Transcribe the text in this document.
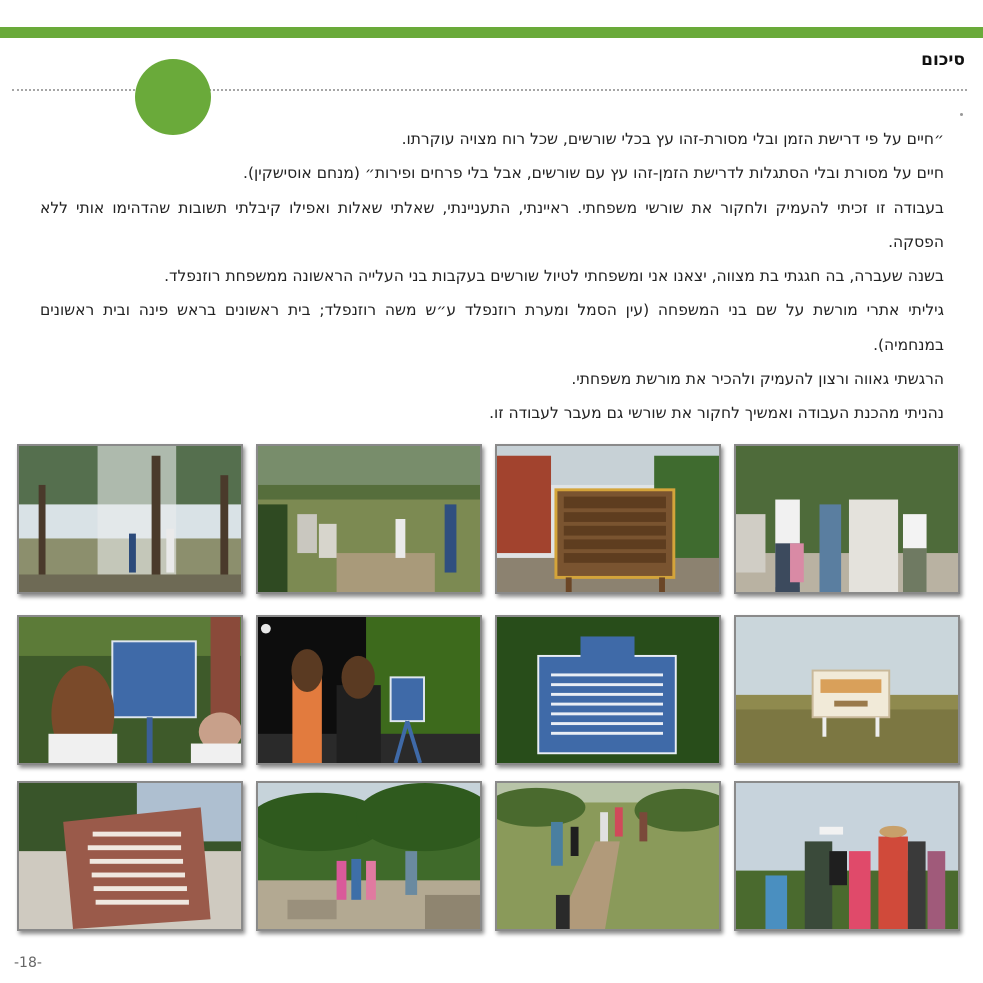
סיכום

״חיים על פי דרישת הזמן ובלי מסורת-זהו עץ בכלי שורשים, שכל רוח מצויה עוקרתו.

חיים על מסורת ובלי הסתגלות לדרישת הזמן-זהו עץ עם שורשים, אבל בלי פרחים ופירות״ (מנחם אוסישקין).

בעבודה זו זכיתי להעמיק ולחקור את שורשי משפחתי. ראיינתי, התעניינתי, שאלתי שאלות ואפילו קיבלתי תשובות שהדהימו אותי ללא הפסקה.

בשנה שעברה, בה חגגתי בת מצווה, יצאנו אני ומשפחתי לטיול שורשים בעקבות בני העלייה הראשונה ממשפחת רוזנפלד.

גיליתי אתרי מורשת על שם בני המשפחה (עין הסמל ומערת רוזנפלד ע״ש משה רוזנפלד; בית ראשונים בראש פינה ובית ראשונים במנחמיה).

הרגשתי גאווה ורצון להעמיק ולהכיר את מורשת משפחתי.

נהניתי מהכנת העבודה ואמשיך לחקור את שורשי גם מעבר לעבודה זו.

-18-
